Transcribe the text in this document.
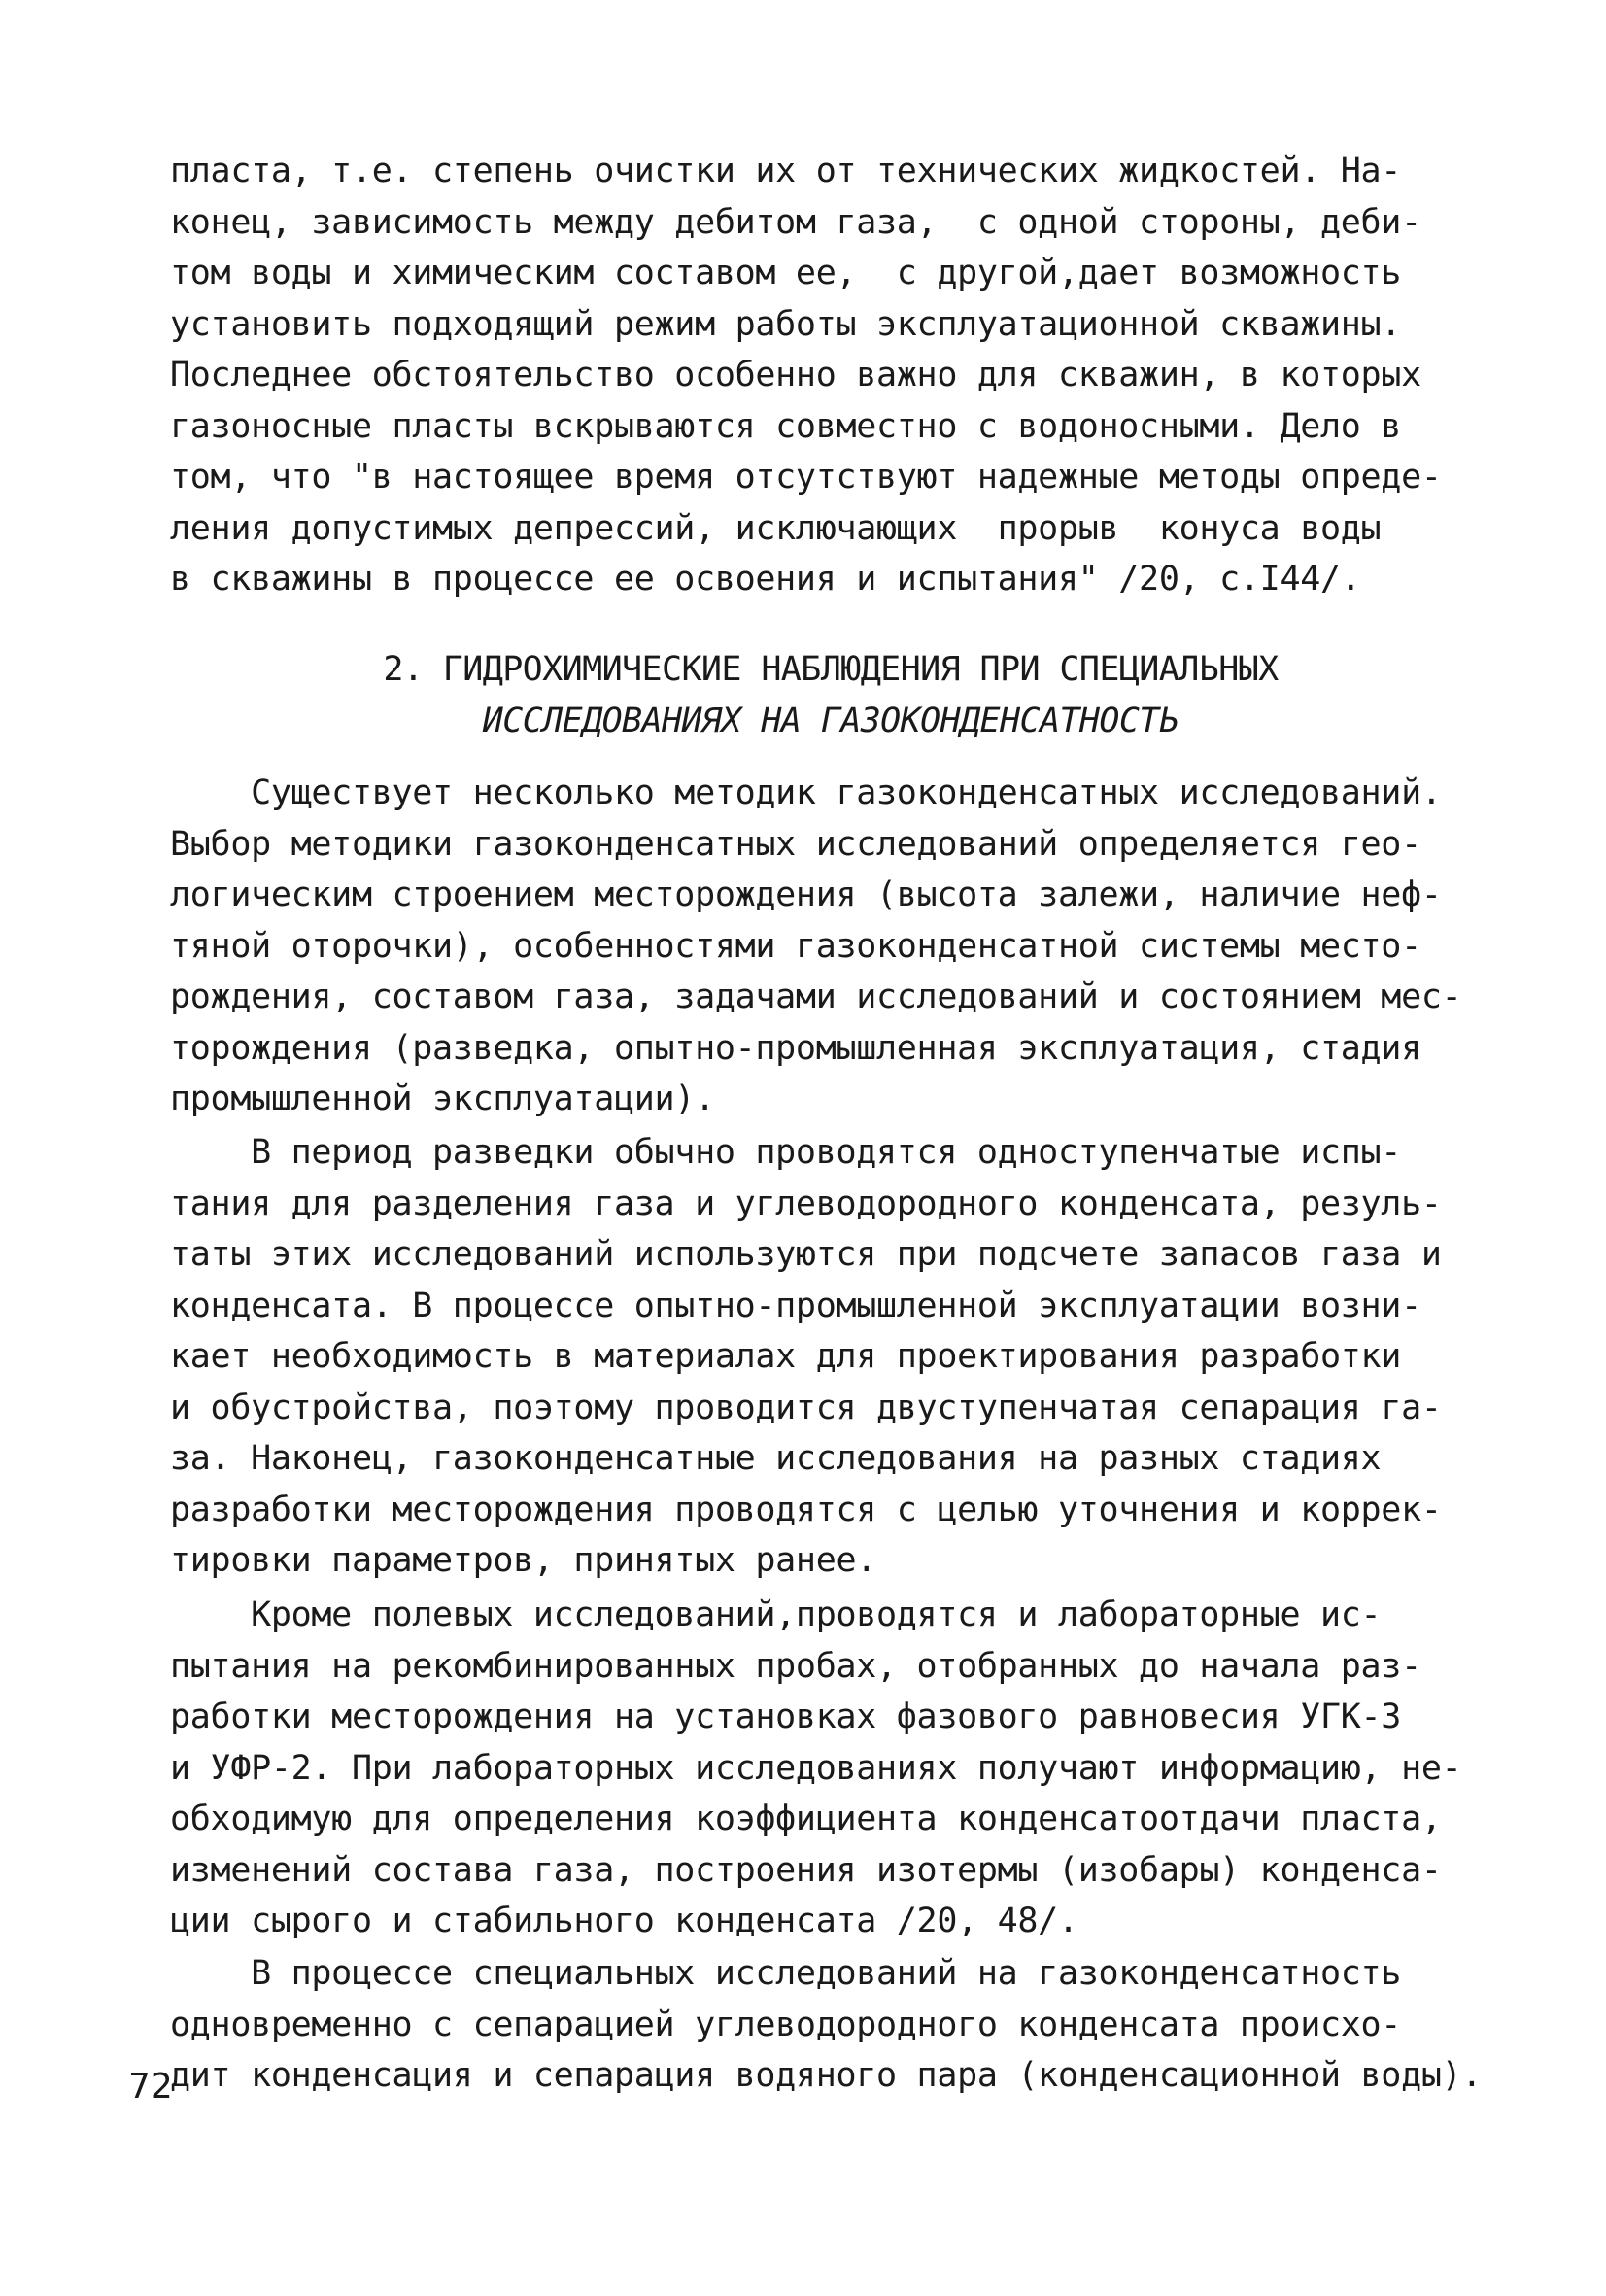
пласта, т.е. степень очистки их от технических жидкостей. На-
конец, зависимость между дебитом газа,  с одной стороны, деби-
том воды и химическим составом ее,  с другой,дает возможность
установить подходящий режим работы эксплуатационной скважины.
Последнее обстоятельство особенно важно для скважин, в которых
газоносные пласты вскрываются совместно с водоносными. Дело в
том, что "в настоящее время отсутствуют надежные методы опреде-
ления допустимых депрессий, исключающих  прорыв  конуса воды
в скважины в процессе ее освоения и испытания" /20, с.I44/.
2. ГИДРОХИМИЧЕСКИЕ НАБЛЮДЕНИЯ ПРИ СПЕЦИАЛЬНЫХ
ИССЛЕДОВАНИЯХ НА ГАЗОКОНДЕНСАТНОСТЬ
Существует несколько методик газоконденсатных исследований.
Выбор методики газоконденсатных исследований определяется гео-
логическим строением месторождения (высота залежи, наличие неф-
тяной оторочки), особенностями газоконденсатной системы место-
рождения, составом газа, задачами исследований и состоянием мес-
торождения (разведка, опытно-промышленная эксплуатация, стадия
промышленной эксплуатации).
В период разведки обычно проводятся одноступенчатые испы-
тания для разделения газа и углеводородного конденсата, резуль-
таты этих исследований используются при подсчете запасов газа и
конденсата. В процессе опытно-промышленной эксплуатации возни-
кает необходимость в материалах для проектирования разработки
и обустройства, поэтому проводится двуступенчатая сепарация га-
за. Наконец, газоконденсатные исследования на разных стадиях
разработки месторождения проводятся с целью уточнения и коррек-
тировки параметров, принятых ранее.
Кроме полевых исследований,проводятся и лабораторные ис-
пытания на рекомбинированных пробах, отобранных до начала раз-
работки месторождения на установках фазового равновесия УГК-3
и УФР-2. При лабораторных исследованиях получают информацию, не-
обходимую для определения коэффициента конденсатоотдачи пласта,
изменений состава газа, построения изотермы (изобары) конденса-
ции сырого и стабильного конденсата /20, 48/.
В процессе специальных исследований на газоконденсатность
одновременно с сепарацией углеводородного конденсата происхо-
дит конденсация и сепарация водяного пара (конденсационной воды).
72
